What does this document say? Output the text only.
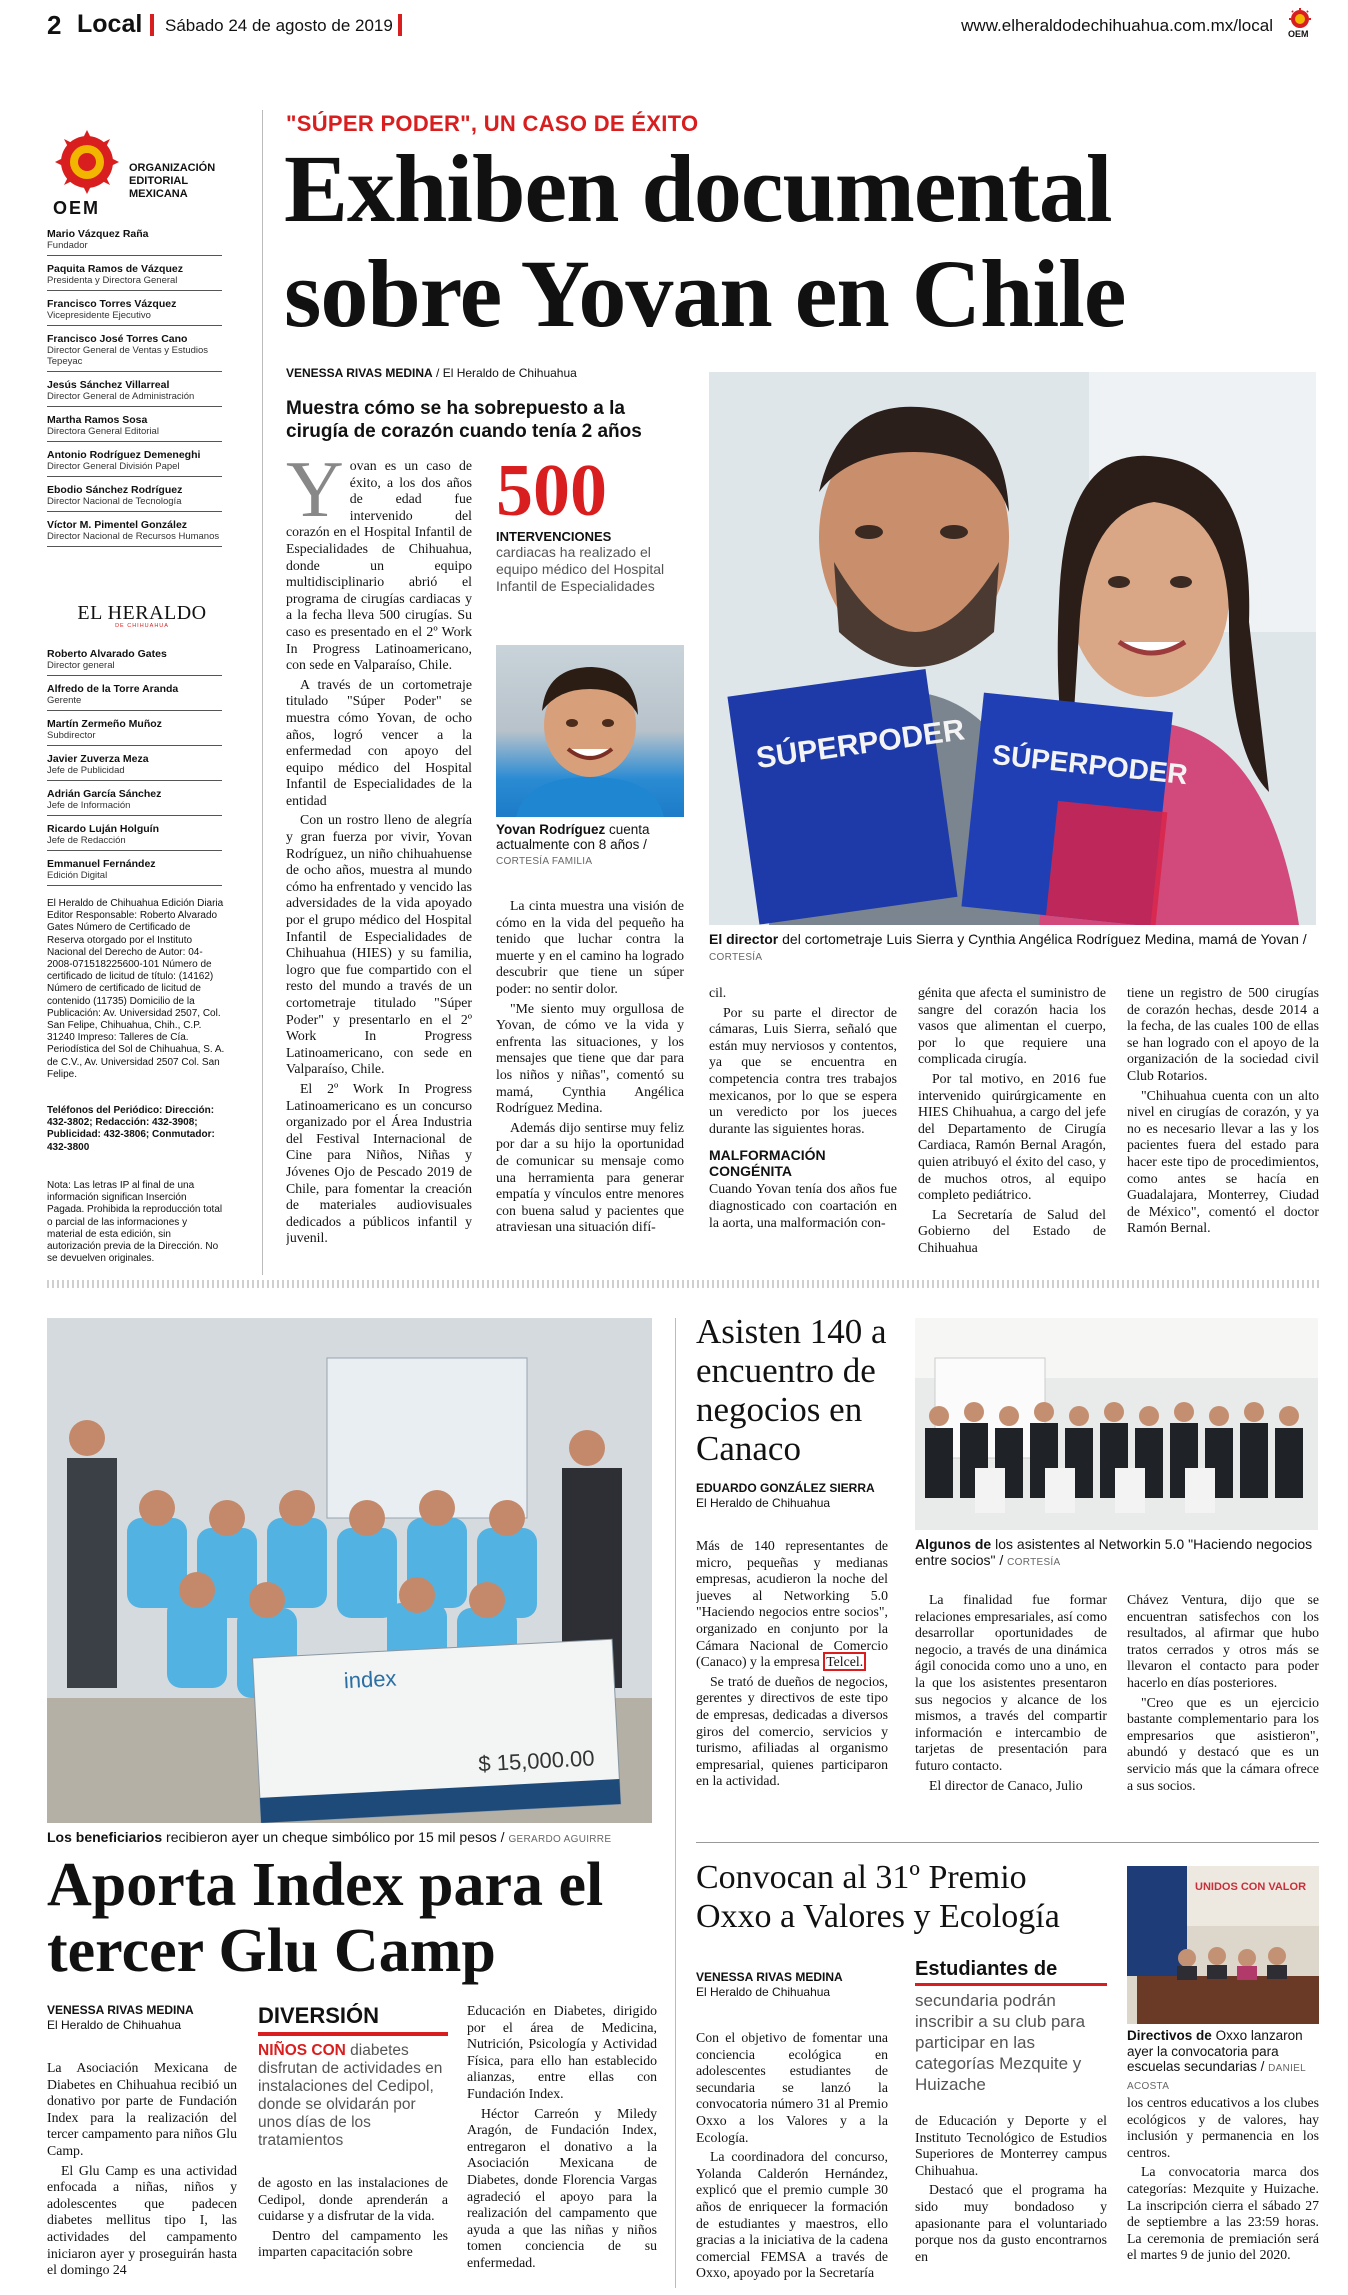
2 Local Sábado 24 de agosto de 2019	www.elheraldodechihuahua.com.mx/local OEM
OEM
ORGANIZACIÓN EDITORIAL MEXICANA
Mario Vázquez Raña
Fundador
Paquita Ramos de Vázquez
Presidenta y Directora General
Francisco Torres Vázquez
Vicepresidente Ejecutivo
Francisco José Torres Cano
Director General de Ventas y Estudios Tepeyac
Jesús Sánchez Villarreal
Director General de Administración
Martha Ramos Sosa
Directora General Editorial
Antonio Rodríguez Demeneghi
Director General División Papel
Ebodio Sánchez Rodríguez
Director Nacional de Tecnología
Víctor M. Pimentel González
Director Nacional de Recursos Humanos
EL HERALDO
DE CHIHUAHUA
Roberto Alvarado Gates
Director general
Alfredo de la Torre Aranda
Gerente
Martín Zermeño Muñoz
Subdirector
Javier Zuverza Meza
Jefe de Publicidad
Adrián García Sánchez
Jefe de Información
Ricardo Luján Holguín
Jefe de Redacción
Emmanuel Fernández
Edición Digital
El Heraldo de Chihuahua Edición Diaria Editor Responsable: Roberto Alvarado Gates Número de Certificado de Reserva otorgado por el Instituto Nacional del Derecho de Autor: 04-2008-071518225600-101 Número de certificado de licitud de título: (14162) Número de certificado de licitud de contenido (11735) Domicilio de la Publicación: Av. Universidad 2507, Col. San Felipe, Chihuahua, Chih., C.P. 31240 Impreso: Talleres de Cía. Periodística del Sol de Chihuahua, S. A. de C.V., Av. Universidad 2507 Col. San Felipe.
Teléfonos del Periódico: Dirección: 432-3802; Redacción: 432-3908; Publicidad: 432-3806; Conmutador: 432-3800
Nota: Las letras IP al final de una información significan Inserción Pagada. Prohibida la reproducción total o parcial de las informaciones y material de esta edición, sin autorización previa de la Dirección. No se devuelven originales.
"SÚPER PODER", UN CASO DE ÉXITO
Exhiben documental sobre Yovan en Chile
VENESSA RIVAS MEDINA / El Heraldo de Chihuahua
Muestra cómo se ha sobrepuesto a la cirugía de corazón cuando tenía 2 años
Y ovan es un caso de éxito, a los dos años de edad fue intervenido del corazón en el Hospital Infantil de Especialidades de Chihuahua, donde un equipo multidisciplinario abrió el programa de cirugías cardiacas y a la fecha lleva 500 cirugías. Su caso es presentado en el 2º Work In Progress Latinoamericano, con sede en Valparaíso, Chile.

A través de un cortometraje titulado "Súper Poder" se muestra cómo Yovan, de ocho años, logró vencer a la enfermedad con apoyo del equipo médico del Hospital Infantil de Especialidades de la entidad

Con un rostro lleno de alegría y gran fuerza por vivir, Yovan Rodríguez, un niño chihuahuense de ocho años, muestra al mundo cómo ha enfrentado y vencido las adversidades de la vida apoyado por el grupo médico del Hospital Infantil de Especialidades de Chihuahua (HIES) y su familia, logro que fue compartido con el resto del mundo a través de un cortometraje titulado "Súper Poder" y presentarlo en el 2º Work In Progress Latinoamericano, con sede en Valparaíso, Chile.

El 2º Work In Progress Latinoamericano es un concurso organizado por el Área Industria del Festival Internacional de Cine para Niños, Niñas y Jóvenes Ojo de Pescado 2019 de Chile, para fomentar la creación de materiales audiovisuales dedicados a públicos infantil y juvenil.

500
INTERVENCIONES
cardiacas ha realizado el equipo médico del Hospital Infantil de Especialidades
Yovan Rodríguez cuenta actualmente con 8 años / CORTESÍA FAMILIA
SÚPERPODER SÚPERPODER
El director del cortometraje Luis Sierra y Cynthia Angélica Rodríguez Medina, mamá de Yovan /
CORTESÍA

La cinta muestra una visión de cómo en la vida del pequeño ha tenido que luchar contra la muerte y en el camino ha logrado descubrir que tiene un súper poder: no sentir dolor.

"Me siento muy orgullosa de Yovan, de cómo ve la vida y enfrenta las situaciones, y los mensajes que tiene que dar para los niños y niñas", comentó su mamá, Cynthia Angélica Rodríguez Medina.

Además dijo sentirse muy feliz por dar a su hijo la oportunidad de comunicar su mensaje como una herramienta para generar empatía y vínculos entre menores con buena salud y pacientes que atraviesan una situación difí-

cil.

Por su parte el director de cámaras, Luis Sierra, señaló que están muy nerviosos y contentos, ya que se encuentra en competencia contra tres trabajos mexicanos, por lo que se espera un veredicto por los jueces durante las siguientes horas.

MALFORMACIÓN CONGÉNITA

Cuando Yovan tenía dos años fue diagnosticado con coartación en la aorta, una malformación con-

génita que afecta el suministro de sangre del corazón hacia los vasos que alimentan el cuerpo, por lo que requiere una complicada cirugía.

Por tal motivo, en 2016 fue intervenido quirúrgicamente en HIES Chihuahua, a cargo del jefe del Departamento de Cirugía Cardiaca, Ramón Bernal Aragón, quien atribuyó el éxito del caso, y de muchos otros, al equipo completo pediátrico.

La Secretaría de Salud del Gobierno del Estado de Chihuahua

tiene un registro de 500 cirugías de corazón hechas, desde 2014 a la fecha, de las cuales 100 de ellas se han logrado con el apoyo de la organización de la sociedad civil Club Rotarios.

"Chihuahua cuenta con un alto nivel en cirugías de corazón, y ya no es necesario llevar a las y los pacientes fuera del estado para hacer este tipo de procedimientos, como antes se hacía en Guadalajara, Monterrey, Ciudad de México", comentó el doctor Ramón Bernal.

index
$ 15,000.00
Los beneficiarios recibieron ayer un cheque simbólico por 15 mil pesos / GERARDO AGUIRRE
Aporta Index para el tercer Glu Camp
VENESSA RIVAS MEDINA
El Heraldo de Chihuahua

La Asociación Mexicana de Diabetes en Chihuahua recibió un donativo por parte de Fundación Index para la realización del tercer campamento para niños Glu Camp.

El Glu Camp es una actividad enfocada a niñas, niños y adolescentes que padecen diabetes mellitus tipo I, las actividades del campamento iniciaron ayer y proseguirán hasta el domingo 24

DIVERSIÓN
NIÑOS CON diabetes disfrutan de actividades en instalaciones del Cedipol, donde se olvidarán por unos días de los tratamientos

de agosto en las instalaciones de Cedipol, donde aprenderán a cuidarse y a disfrutar de la vida.

Dentro del campamento les imparten capacitación sobre

Educación en Diabetes, dirigido por el área de Medicina, Nutrición, Psicología y Actividad Física, para ello han establecido alianzas, entre ellas con Fundación Index.

Héctor Carreón y Miledy Aragón, de Fundación Index, entregaron el donativo a la Asociación Mexicana de Diabetes, donde Florencia Vargas agradeció el apoyo para la realización del campamento que ayuda a que las niñas y niños tomen conciencia de su enfermedad.

Asisten 140 a encuentro de negocios en Canaco
EDUARDO GONZÁLEZ SIERRA
El Heraldo de Chihuahua
Algunos de los asistentes al Networkin 5.0 "Haciendo negocios entre socios" / CORTESÍA

Más de 140 representantes de micro, pequeñas y medianas empresas, acudieron la noche del jueves al Networking 5.0 "Haciendo negocios entre socios", organizado en conjunto por la Cámara Nacional de Comercio (Canaco) y la empresa Telcel.

Se trató de dueños de negocios, gerentes y directivos de este tipo de empresas, dedicadas a diversos giros del comercio, servicios y turismo, afiliadas al organismo empresarial, quienes participaron en la actividad.

La finalidad fue formar relaciones empresariales, así como desarrollar oportunidades de negocio, a través de una dinámica ágil conocida como uno a uno, en la que los asistentes presentaron sus negocios y alcance de los mismos, a través del compartir información e intercambio de tarjetas de presentación para futuro contacto.

El director de Canaco, Julio

Chávez Ventura, dijo que se encuentran satisfechos con los resultados, al afirmar que hubo tratos cerrados y otros más se llevaron el contacto para poder hacerlo en días posteriores.

"Creo que es un ejercicio bastante complementario para los empresarios que asistieron", abundó y destacó que es un servicio más que la cámara ofrece a sus socios.

Convocan al 31º Premio Oxxo a Valores y Ecología
VENESSA RIVAS MEDINA
El Heraldo de Chihuahua

Con el objetivo de fomentar una conciencia ecológica en adolescentes estudiantes de secundaria se lanzó la convocatoria número 31 al Premio Oxxo a los Valores y a la Ecología.

La coordinadora del concurso, Yolanda Calderón Hernández, explicó que el premio cumple 30 años de enriquecer la formación de estudiantes y maestros, ello gracias a la iniciativa de la cadena comercial FEMSA a través de Oxxo, apoyado por la Secretaría

Estudiantes de
secundaria podrán inscribir a su club para participar en las categorías Mezquite y Huizache

de Educación y Deporte y el Instituto Tecnológico de Estudios Superiores de Monterrey campus Chihuahua.

Destacó que el programa ha sido muy bondadoso y apasionante para el voluntariado porque nos da gusto encontrarnos en

UNIDOS CON VALOR
Directivos de Oxxo lanzaron ayer la convocatoria para escuelas secundarias / DANIEL ACOSTA

los centros educativos a los clubes ecológicos y de valores, hay inclusión y permanencia en los centros.

La convocatoria marca dos categorías: Mezquite y Huizache. La inscripción cierra el sábado 27 de septiembre a las 23:59 horas. La ceremonia de premiación será el martes 9 de junio del 2020.
